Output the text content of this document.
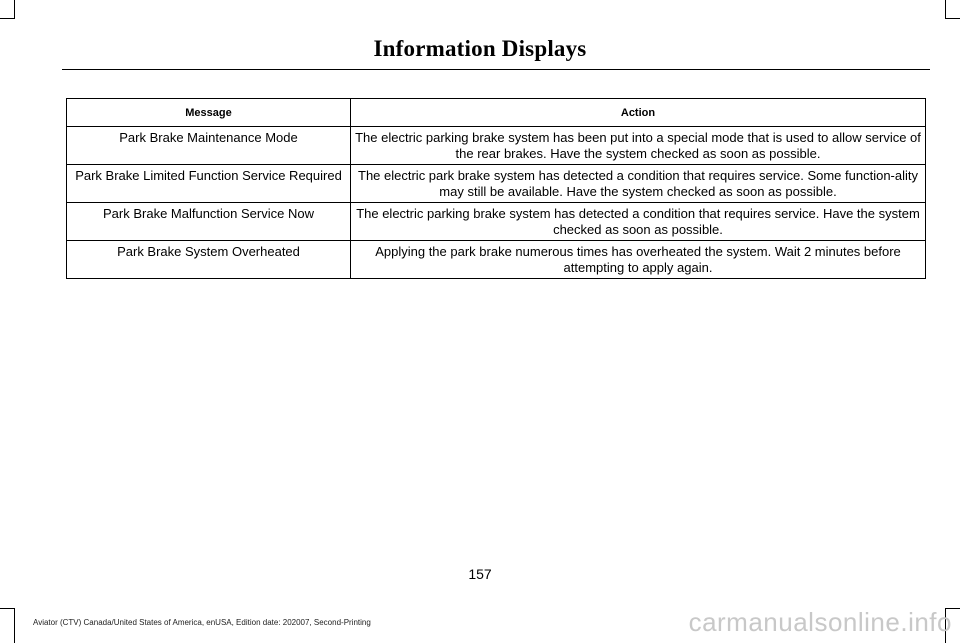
Information Displays
Message	Action
Park Brake Maintenance Mode	The electric parking brake system has been put into a special mode that is used to allow service of the rear brakes. Have the system checked as soon as possible.
Park Brake Limited Function Service Required	The electric park brake system has detected a condition that requires service. Some function-ality may still be available. Have the system checked as soon as possible.
Park Brake Malfunction Service Now	The electric parking brake system has detected a condition that requires service. Have the system checked as soon as possible.
Park Brake System Overheated	Applying the park brake numerous times has overheated the system. Wait 2 minutes before attempting to apply again.
157
Aviator (CTV) Canada/United States of America, enUSA, Edition date: 202007, Second-Printing	carmanualsonline.info
